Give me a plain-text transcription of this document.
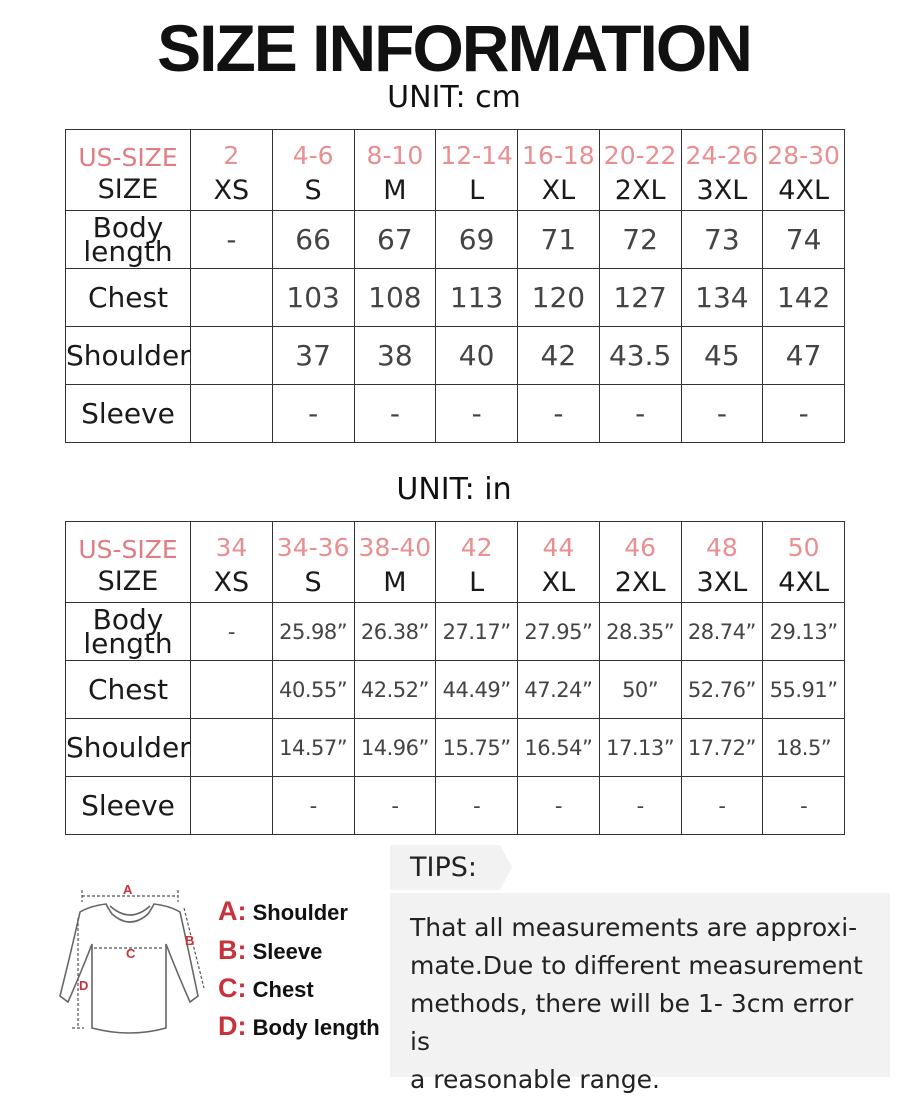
SIZE INFORMATION
UNIT: cm
US-SIZE	2	4-6	8-10	12-14	16-18	20-22	24-26	28-30
SIZE	XS	S	M	L	XL	2XL	3XL	4XL
Body
length	-	66	67	69	71	72	73	74
Chest		103	108	113	120	127	134	142
Shoulder		37	38	40	42	43.5	45	47
Sleeve		-	-	-	-	-	-	-
UNIT: in
US-SIZE	34	34-36	38-40	42	44	46	48	50
SIZE	XS	S	M	L	XL	2XL	3XL	4XL
Body
length	-	25.98”	26.38”	27.17”	27.95”	28.35”	28.74”	29.13”
Chest		40.55”	42.52”	44.49”	47.24”	50”	52.76”	55.91”
Shoulder		14.57”	14.96”	15.75”	16.54”	17.13”	17.72”	18.5”
Sleeve		-	-	-	-	-	-	-
A
B
C
D
A: Shoulder
B: Sleeve
C: Chest
D: Body length
TIPS:

That all measurements are approxi-
mate.Due to different measurement
methods, there will be 1- 3cm error is
a reasonable range.
